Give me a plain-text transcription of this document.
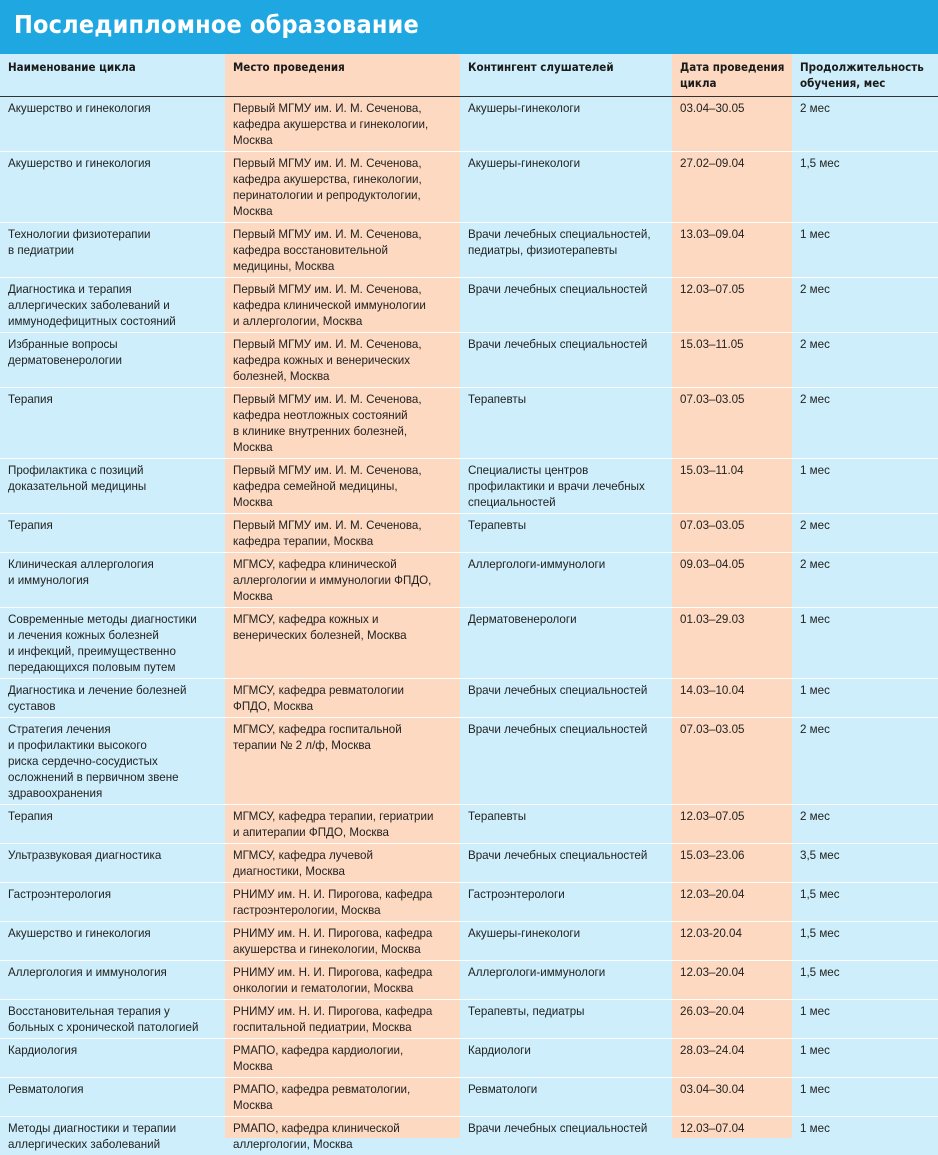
Последипломное образование
Наименование цикла	Место проведения	Контингент слушателей	Дата проведения
цикла	Продолжительность
обучения, мес
Акушерство и гинекология	Первый МГМУ им. И. М. Сеченова,
кафедра акушерства и гинекологии,
Москва	Акушеры-гинекологи	03.04–30.05	2 мес
Акушерство и гинекология	Первый МГМУ им. И. М. Сеченова,
кафедра акушерства, гинекологии,
перинатологии и репродуктологии,
Москва	Акушеры-гинекологи	27.02–09.04	1,5 мес
Технологии физиотерапии
в педиатрии	Первый МГМУ им. И. М. Сеченова,
кафедра восстановительной
медицины, Москва	Врачи лечебных специальностей,
педиатры, физиотерапевты	13.03–09.04	1 мес
Диагностика и терапия
аллергических заболеваний и
иммунодефицитных состояний	Первый МГМУ им. И. М. Сеченова,
кафедра клинической иммунологии
и аллергологии, Москва	Врачи лечебных специальностей	12.03–07.05	2 мес
Избранные вопросы
дерматовенерологии	Первый МГМУ им. И. М. Сеченова,
кафедра кожных и венерических
болезней, Москва	Врачи лечебных специальностей	15.03–11.05	2 мес
Терапия	Первый МГМУ им. И. М. Сеченова,
кафедра неотложных состояний
в клинике внутренних болезней,
Москва	Терапевты	07.03–03.05	2 мес
Профилактика с позиций
доказательной медицины	Первый МГМУ им. И. М. Сеченова,
кафедра семейной медицины,
Москва	Специалисты центров
профилактики и врачи лечебных
специальностей	15.03–11.04	1 мес
Терапия	Первый МГМУ им. И. М. Сеченова,
кафедра терапии, Москва	Терапевты	07.03–03.05	2 мес
Клиническая аллергология
и иммунология	МГМСУ, кафедра клинической
аллергологии и иммунологии ФПДО,
Москва	Аллергологи-иммунологи	09.03–04.05	2 мес
Современные методы диагностики
и лечения кожных болезней
и инфекций, преимущественно
передающихся половым путем	МГМСУ, кафедра кожных и
венерических болезней, Москва	Дерматовенерологи	01.03–29.03	1 мес
Диагностика и лечение болезней
суставов	МГМСУ, кафедра ревматологии
ФПДО, Москва	Врачи лечебных специальностей	14.03–10.04	1 мес
Стратегия лечения
и профилактики высокого
риска сердечно-сосудистых
осложнений в первичном звене
здравоохранения	МГМСУ, кафедра госпитальной
терапии № 2 л/ф, Москва	Врачи лечебных специальностей	07.03–03.05	2 мес
Терапия	МГМСУ, кафедра терапии, гериатрии
и апитерапии ФПДО, Москва	Терапевты	12.03–07.05	2 мес
Ультразвуковая диагностика	МГМСУ, кафедра лучевой
диагностики, Москва	Врачи лечебных специальностей	15.03–23.06	3,5 мес
Гастроэнтерология	РНИМУ им. Н. И. Пирогова, кафедра
гастроэнтерологии, Москва	Гастроэнтерологи	12.03–20.04	1,5 мес
Акушерство и гинекология	РНИМУ им. Н. И. Пирогова, кафедра
акушерства и гинекологии, Москва	Акушеры-гинекологи	12.03-20.04	1,5 мес
Аллергология и иммунология	РНИМУ им. Н. И. Пирогова, кафедра
онкологии и гематологии, Москва	Аллергологи-иммунологи	12.03–20.04	1,5 мес
Восстановительная терапия у
больных с хронической патологией	РНИМУ им. Н. И. Пирогова, кафедра
госпитальной педиатрии, Москва	Терапевты, педиатры	26.03–20.04	1 мес
Кардиология	РМАПО, кафедра кардиологии,
Москва	Кардиологи	28.03–24.04	1 мес
Ревматология	РМАПО, кафедра ревматологии,
Москва	Ревматологи	03.04–30.04	1 мес
Методы диагностики и терапии
аллергических заболеваний	РМАПО, кафедра клинической
аллергологии, Москва	Врачи лечебных специальностей	12.03–07.04	1 мес
